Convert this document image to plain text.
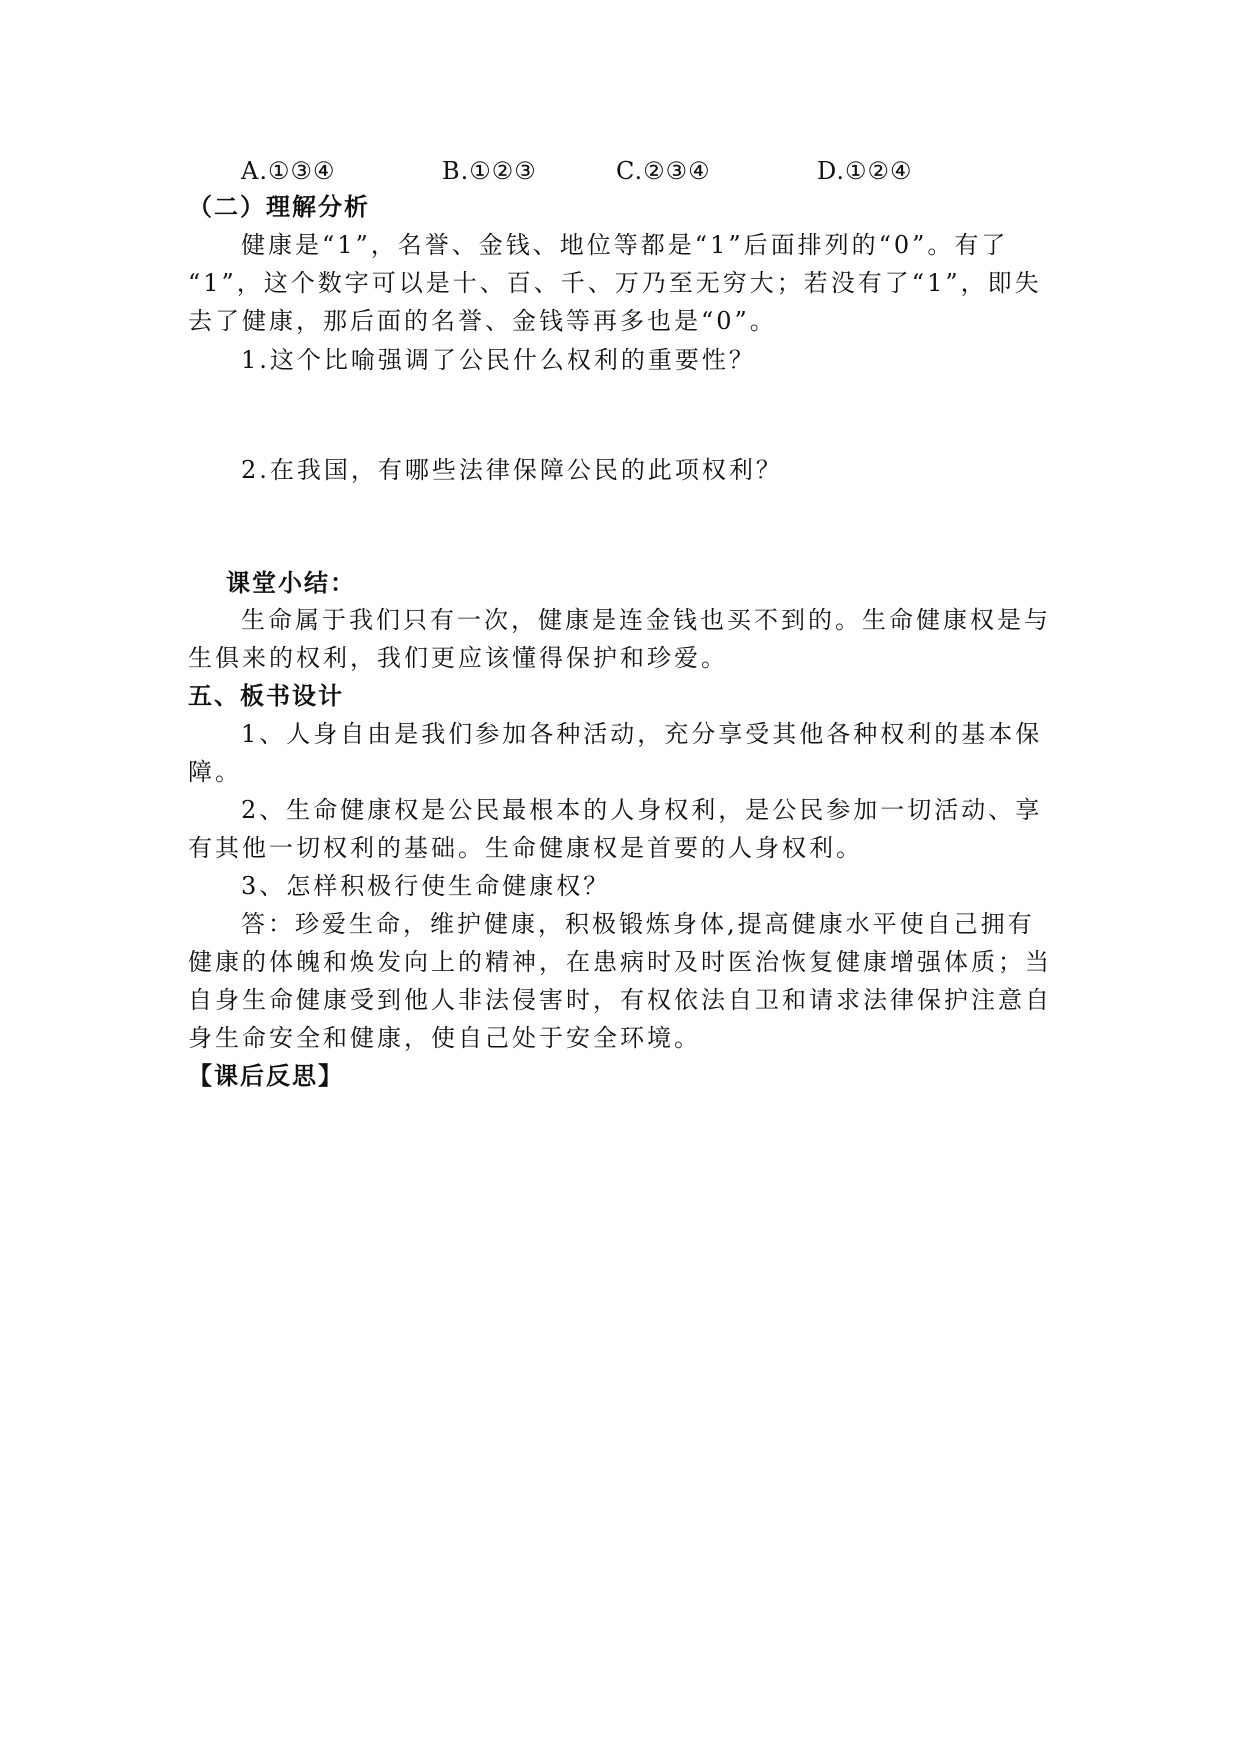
A.①③④	B.①②③	C.②③④	D.①②④
（二）理解分析
健康是“1”，名誉、金钱、地位等都是“1”后面排列的“0”。有了
“1”，这个数字可以是十、百、千、万乃至无穷大；若没有了“1”，即失
去了健康，那后面的名誉、金钱等再多也是“0”。
1.这个比喻强调了公民什么权利的重要性？
2.在我国，有哪些法律保障公民的此项权利？
课堂小结：
生命属于我们只有一次，健康是连金钱也买不到的。生命健康权是与
生俱来的权利，我们更应该懂得保护和珍爱。
五、板书设计
1、人身自由是我们参加各种活动，充分享受其他各种权利的基本保
障。
2、生命健康权是公民最根本的人身权利，是公民参加一切活动、享
有其他一切权利的基础。生命健康权是首要的人身权利。
3、怎样积极行使生命健康权？
答：珍爱生命，维护健康，积极锻炼身体,提高健康水平使自己拥有
健康的体魄和焕发向上的精神，在患病时及时医治恢复健康增强体质；当
自身生命健康受到他人非法侵害时，有权依法自卫和请求法律保护注意自
身生命安全和健康，使自己处于安全环境。
【课后反思】
